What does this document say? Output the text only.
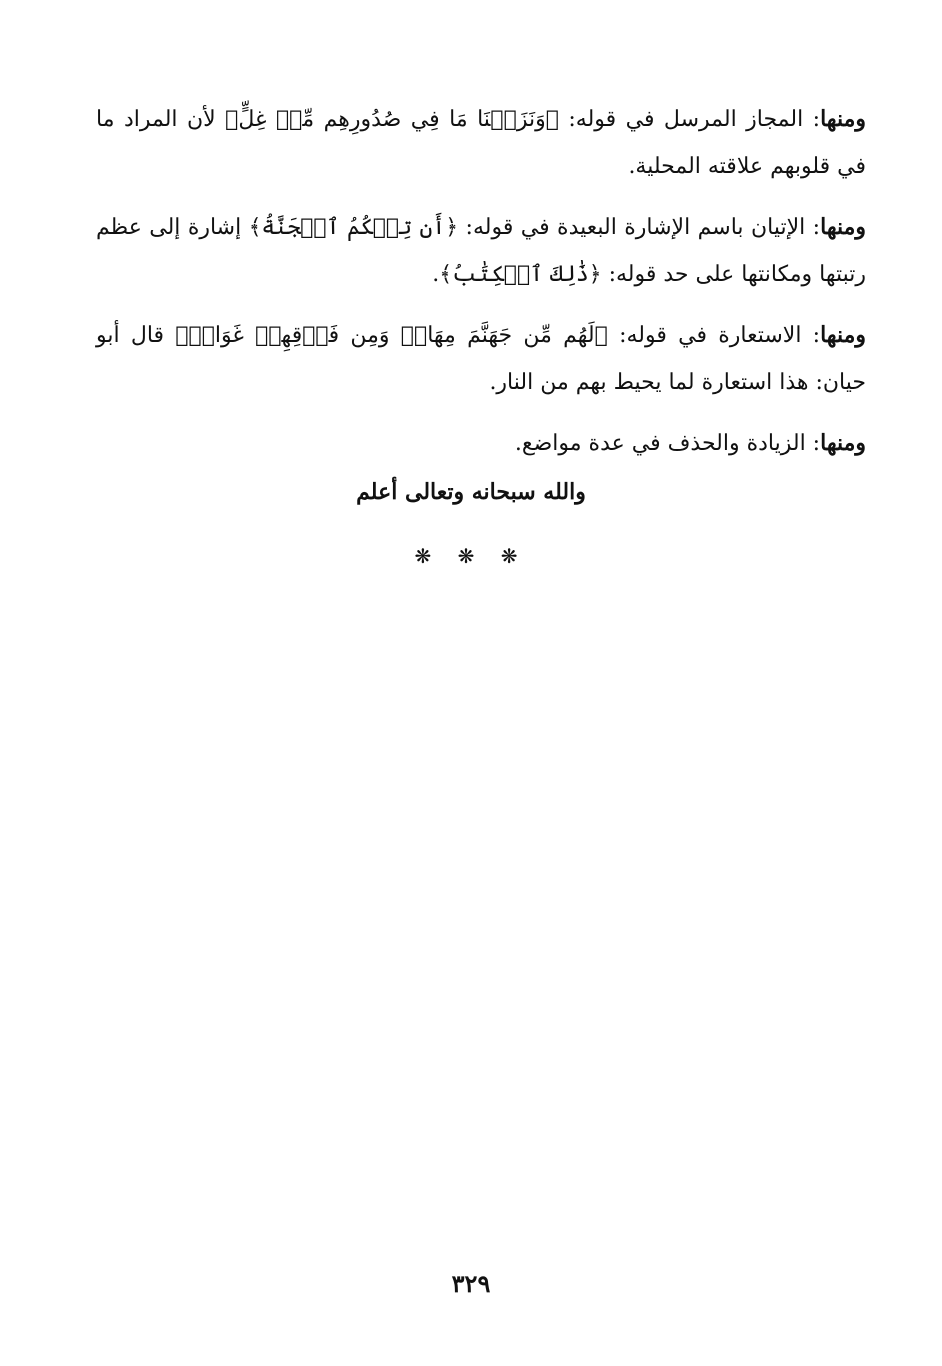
ومنها: المجاز المرسل في قوله: ﴿وَنَزَعۡنَا مَا فِي صُدُورِهِم مِّنۡ غِلٍّ﴾ لأن المراد ما في قلوبهم علاقته المحلية.

ومنها: الإتيان باسم الإشارة البعيدة في قوله: ﴿أَن تِلۡكُمُ ٱلۡجَنَّةُ﴾ إشارة إلى عظم رتبتها ومكانتها على حد قوله: ﴿ذَٰلِكَ ٱلۡكِتَٰبُ﴾.

ومنها: الاستعارة في قوله: ﴿لَهُم مِّن جَهَنَّمَ مِهَادٞ وَمِن فَوۡقِهِمۡ غَوَاشٖ﴾ قال أبو حيان: هذا استعارة لما يحيط بهم من النار.

ومنها: الزيادة والحذف في عدة مواضع.

والله سبحانه وتعالى أعلم
❋ ❋ ❋
٣٢٩
